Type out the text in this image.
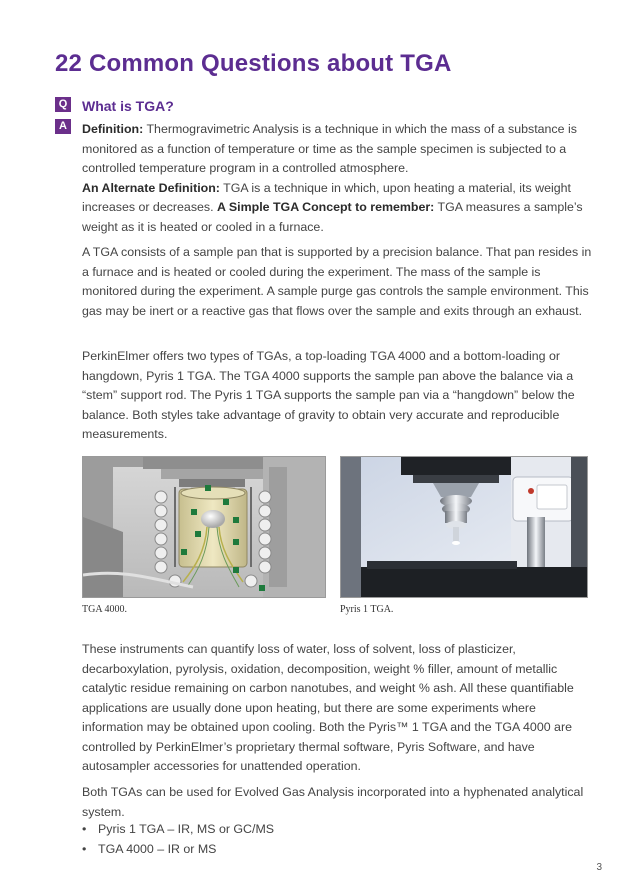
22 Common Questions about TGA
Q What is TGA?
A	Definition: Thermogravimetric Analysis is a technique in which the mass of a substance is monitored as a function of temperature or time as the sample specimen is subjected to a controlled temperature program in a controlled atmosphere.
An Alternate Definition: TGA is a technique in which, upon heating a material, its weight increases or decreases. A Simple TGA Concept to remember: TGA measures a sample’s weight as it is heated or cooled in a furnace.

A TGA consists of a sample pan that is supported by a precision balance. That pan resides in a furnace and is heated or cooled during the experiment. The mass of the sample is monitored during the experiment. A sample purge gas controls the sample environment. This gas may be inert or a reactive gas that flows over the sample and exits through an exhaust.

PerkinElmer offers two types of TGAs, a top-loading TGA 4000 and a bottom-loading or hangdown, Pyris 1 TGA. The TGA 4000 supports the sample pan above the balance via a “stem” support rod. The Pyris 1 TGA supports the sample pan via a “hangdown” below the balance. Both styles take advantage of gravity to obtain very accurate and reproducible measurements.

TGA 4000.	Pyris 1 TGA.

These instruments can quantify loss of water, loss of solvent, loss of plasticizer, decarboxylation, pyrolysis, oxidation, decomposition, weight % filler, amount of metallic catalytic residue remaining on carbon nanotubes, and weight % ash. All these quantifiable applications are usually done upon heating, but there are some experiments where information may be obtained upon cooling. Both the Pyris™ 1 TGA and the TGA 4000 are controlled by PerkinElmer’s proprietary thermal software, Pyris Software, and have autosampler accessories for unattended operation.

Both TGAs can be used for Evolved Gas Analysis incorporated into a hyphenated analytical system.

• Pyris 1 TGA – IR, MS or GC/MS
• TGA 4000 – IR or MS

3
